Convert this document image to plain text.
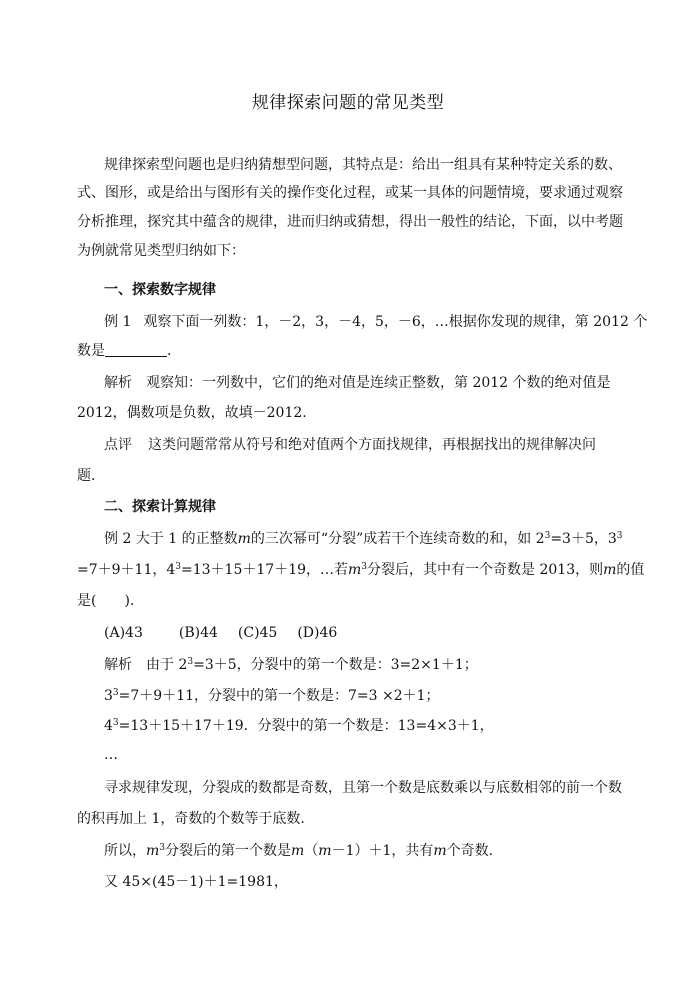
规律探索问题的常见类型
规律探索型问题也是归纳猜想型问题，其特点是：给出一组具有某种特定关系的数、
式、图形，或是给出与图形有关的操作变化过程，或某一具体的问题情境，要求通过观察
分析推理，探究其中蕴含的规律，进而归纳或猜想，得出一般性的结论，下面，以中考题
为例就常见类型归纳如下：
一、探索数字规律
例 1 观察下面一列数：1，－2，3，－4，5，－6，…根据你发现的规律，第 2012 个
数是	.
解析 观察知：一列数中，它们的绝对值是连续正整数，第 2012 个数的绝对值是
2012，偶数项是负数，故填－2012.
点评 这类问题常常从符号和绝对值两个方面找规律，再根据找出的规律解决问
题.
二、探索计算规律
例 2 大于 1 的正整数m的三次幂可“分裂”成若干个连续奇数的和，如 $2^3=3+5$，$3^3$
=7＋9＋11，$4^3=13+15+17+19$，…若$m^3$分裂后，其中有一个奇数是 2013，则m的值
是(　　).
(A)43	(B)44 (C)45 (D)46
解析 由于 $2^3=3+5$，分裂中的第一个数是：3=2×1＋1；
$3^3=7+9+11$，分裂中的第一个数是：7=3 ×2＋1；
$4^3=13+15+17+19$．分裂中的第一个数是：13=4×3＋1，
…
寻求规律发现，分裂成的数都是奇数，且第一个数是底数乘以与底数相邻的前一个数
的积再加上 1，奇数的个数等于底数.
所以，$m^3$分裂后的第一个数是m（m－1）＋1，共有m个奇数.
又 45×(45－1)＋1=1981，
